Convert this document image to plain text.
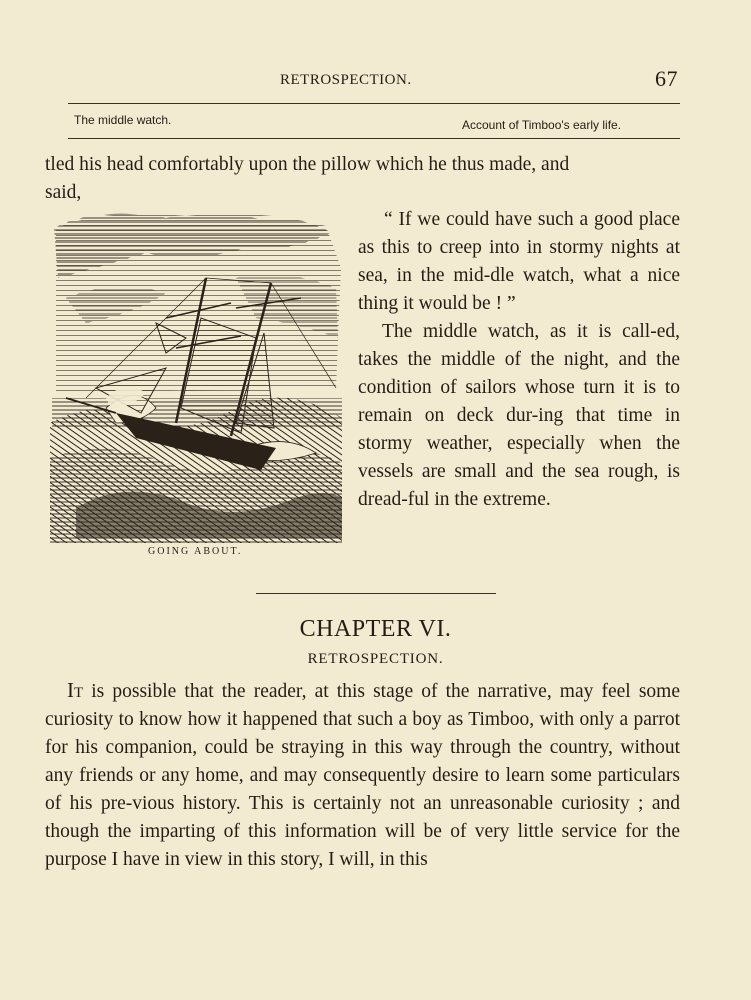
RETROSPECTION.	67
The middle watch.	Account of Timboo's early life.
tled his head comfortably upon the pillow which he thus made, and
said,
GOING ABOUT.

“ If we could have such a good place as this to creep into in stormy nights at sea, in the mid-dle watch, what a nice thing it would be ! ”

The middle watch, as it is call-ed, takes the middle of the night, and the condition of sailors whose turn it is to remain on deck dur-ing that time in stormy weather, especially when the vessels are small and the sea rough, is dread-ful in the extreme.

CHAPTER VI.
RETROSPECTION.
It is possible that the reader, at this stage of the narrative, may feel some curiosity to know how it happened that such a boy as Timboo, with only a parrot for his companion, could be straying in this way through the country, without any friends or any home, and may consequently desire to learn some particulars of his pre-vious history. This is certainly not an unreasonable curiosity ; and though the imparting of this information will be of very little service for the purpose I have in view in this story, I will, in this
